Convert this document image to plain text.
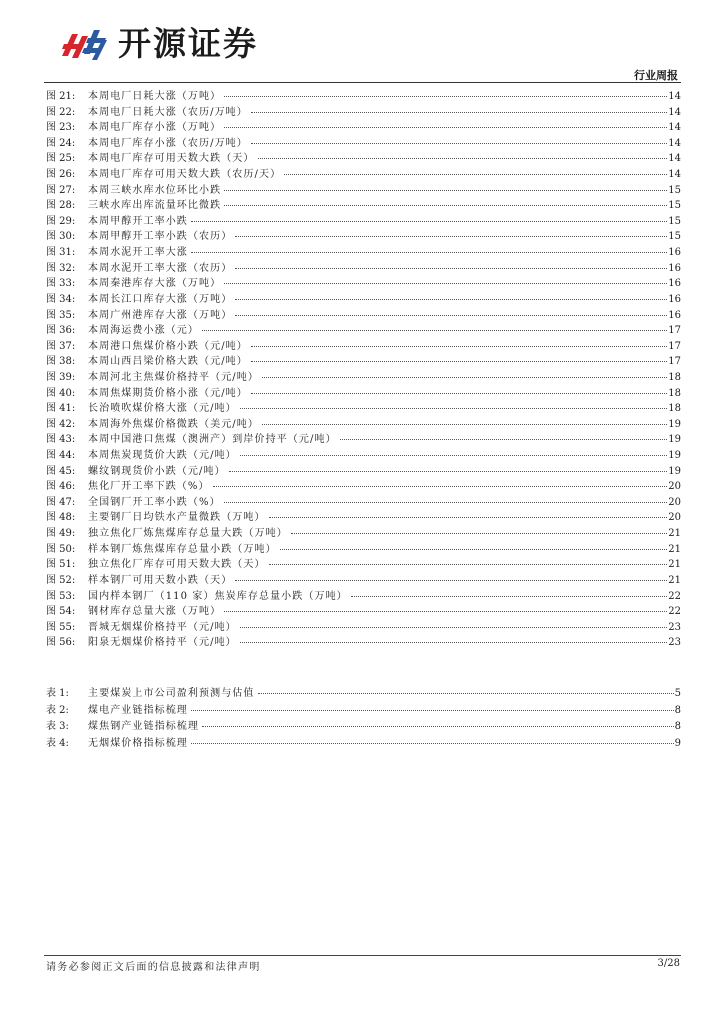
开源证券
行业周报
图 21:	本周电厂日耗大涨（万吨）	14
图 22:	本周电厂日耗大涨（农历/万吨）	14
图 23:	本周电厂库存小涨（万吨）	14
图 24:	本周电厂库存小涨（农历/万吨）	14
图 25:	本周电厂库存可用天数大跌（天）	14
图 26:	本周电厂库存可用天数大跌（农历/天）	14
图 27:	本周三峡水库水位环比小跌	15
图 28:	三峡水库出库流量环比微跌	15
图 29:	本周甲醇开工率小跌	15
图 30:	本周甲醇开工率小跌（农历）	15
图 31:	本周水泥开工率大涨	16
图 32:	本周水泥开工率大涨（农历）	16
图 33:	本周秦港库存大涨（万吨）	16
图 34:	本周长江口库存大涨（万吨）	16
图 35:	本周广州港库存大涨（万吨）	16
图 36:	本周海运费小涨（元）	17
图 37:	本周港口焦煤价格小跌（元/吨）	17
图 38:	本周山西吕梁价格大跌（元/吨）	17
图 39:	本周河北主焦煤价格持平（元/吨）	18
图 40:	本周焦煤期货价格小涨（元/吨）	18
图 41:	长治喷吹煤价格大涨（元/吨）	18
图 42:	本周海外焦煤价格微跌（美元/吨）	19
图 43:	本周中国港口焦煤（澳洲产）到岸价持平（元/吨）	19
图 44:	本周焦炭现货价大跌（元/吨）	19
图 45:	螺纹钢现货价小跌（元/吨）	19
图 46:	焦化厂开工率下跌（%）	20
图 47:	全国钢厂开工率小跌（%）	20
图 48:	主要钢厂日均铁水产量微跌（万吨）	20
图 49:	独立焦化厂炼焦煤库存总量大跌（万吨）	21
图 50:	样本钢厂炼焦煤库存总量小跌（万吨）	21
图 51:	独立焦化厂库存可用天数大跌（天）	21
图 52:	样本钢厂可用天数小跌（天）	21
图 53:	国内样本钢厂（110 家）焦炭库存总量小跌（万吨）	22
图 54:	钢材库存总量大涨（万吨）	22
图 55:	晋城无烟煤价格持平（元/吨）	23
图 56:	阳泉无烟煤价格持平（元/吨）	23
表 1:	主要煤炭上市公司盈利预测与估值	5
表 2:	煤电产业链指标梳理	8
表 3:	煤焦钢产业链指标梳理	8
表 4:	无烟煤价格指标梳理	9
请务必参阅正文后面的信息披露和法律声明	3/28
